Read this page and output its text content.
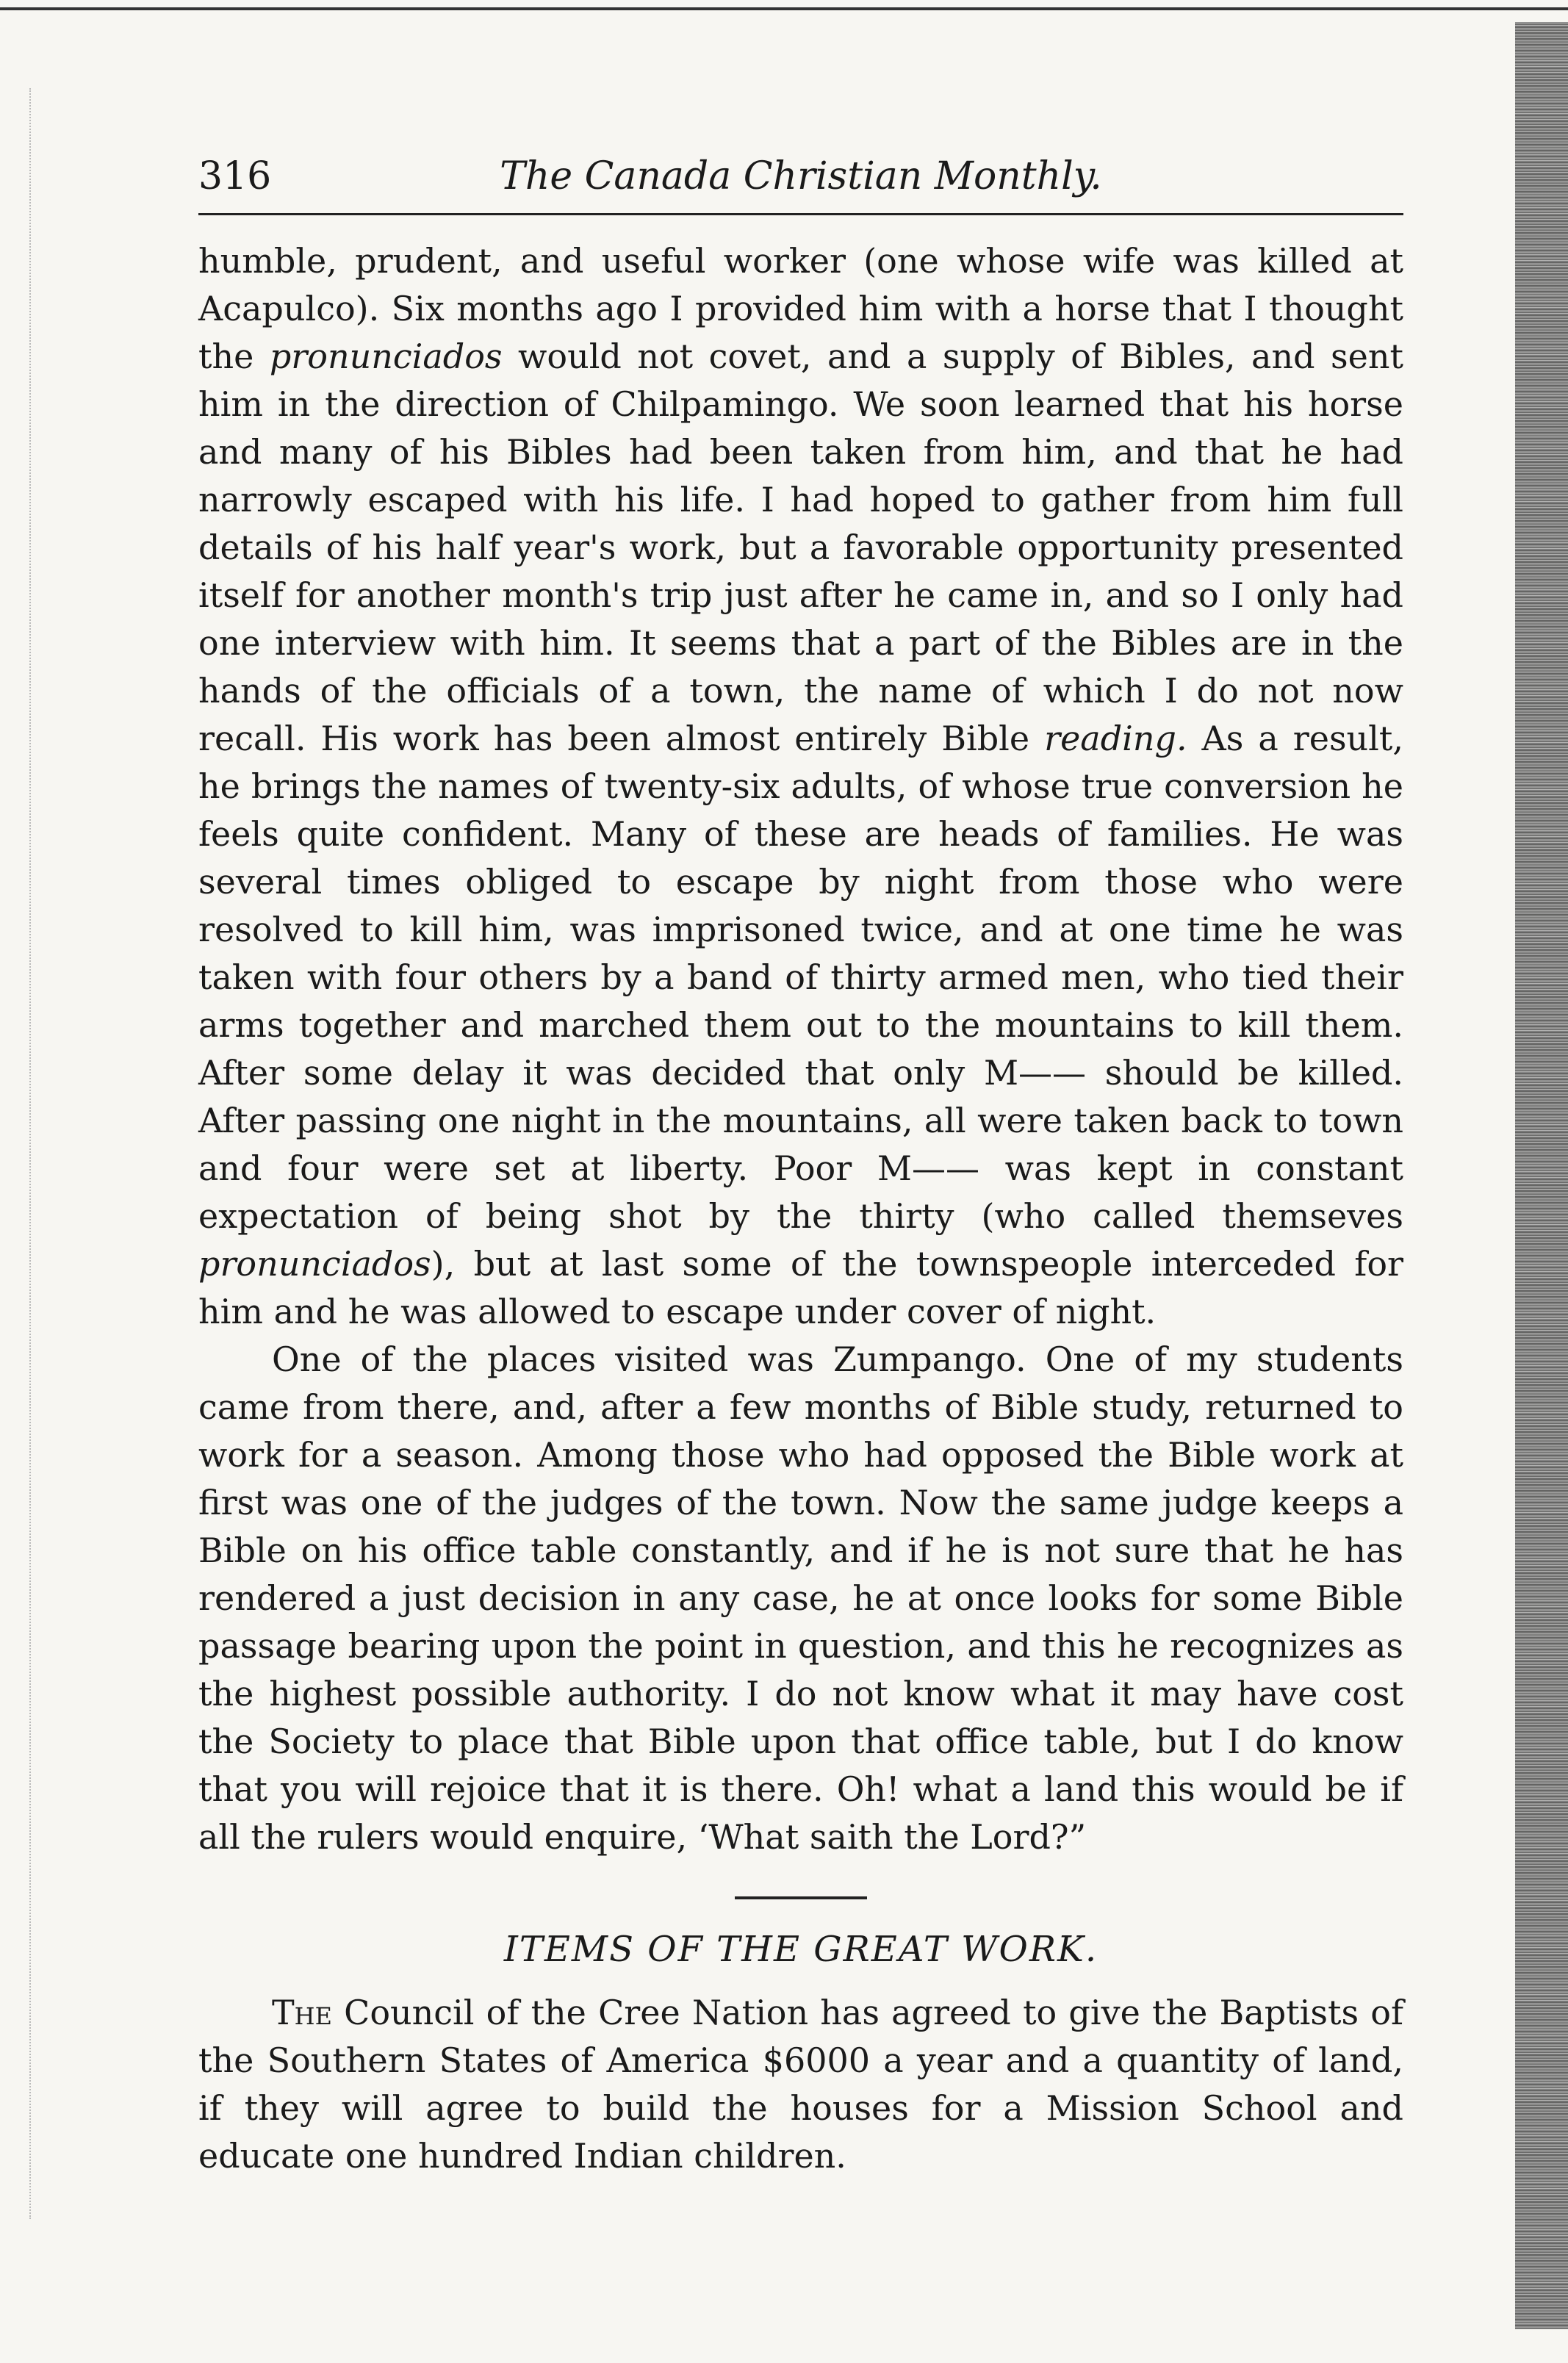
316	The Canada Christian Monthly.

humble, prudent, and useful worker (one whose wife was killed at Acapulco). Six months ago I provided him with a horse that I thought the pronunciados would not covet, and a supply of Bibles, and sent him in the direction of Chilpamingo. We soon learned that his horse and many of his Bibles had been taken from him, and that he had narrowly escaped with his life. I had hoped to gather from him full details of his half year's work, but a favorable opportunity presented itself for another month's trip just after he came in, and so I only had one interview with him. It seems that a part of the Bibles are in the hands of the officials of a town, the name of which I do not now recall. His work has been almost entirely Bible reading. As a result, he brings the names of twenty-six adults, of whose true conversion he feels quite confident. Many of these are heads of families. He was several times obliged to escape by night from those who were resolved to kill him, was imprisoned twice, and at one time he was taken with four others by a band of thirty armed men, who tied their arms together and marched them out to the mountains to kill them. After some delay it was decided that only M—— should be killed. After passing one night in the mountains, all were taken back to town and four were set at liberty. Poor M—— was kept in constant expectation of being shot by the thirty (who called themseves pronunciados), but at last some of the townspeople interceded for him and he was allowed to escape under cover of night.

One of the places visited was Zumpango. One of my students came from there, and, after a few months of Bible study, returned to work for a season. Among those who had opposed the Bible work at first was one of the judges of the town. Now the same judge keeps a Bible on his office table constantly, and if he is not sure that he has rendered a just decision in any case, he at once looks for some Bible passage bearing upon the point in question, and this he recognizes as the highest possible authority. I do not know what it may have cost the Society to place that Bible upon that office table, but I do know that you will rejoice that it is there. Oh! what a land this would be if all the rulers would enquire, ‘What saith the Lord?”

ITEMS OF THE GREAT WORK.

The Council of the Cree Nation has agreed to give the Baptists of the Southern States of America $6000 a year and a quantity of land, if they will agree to build the houses for a Mission School and educate one hundred Indian children.
